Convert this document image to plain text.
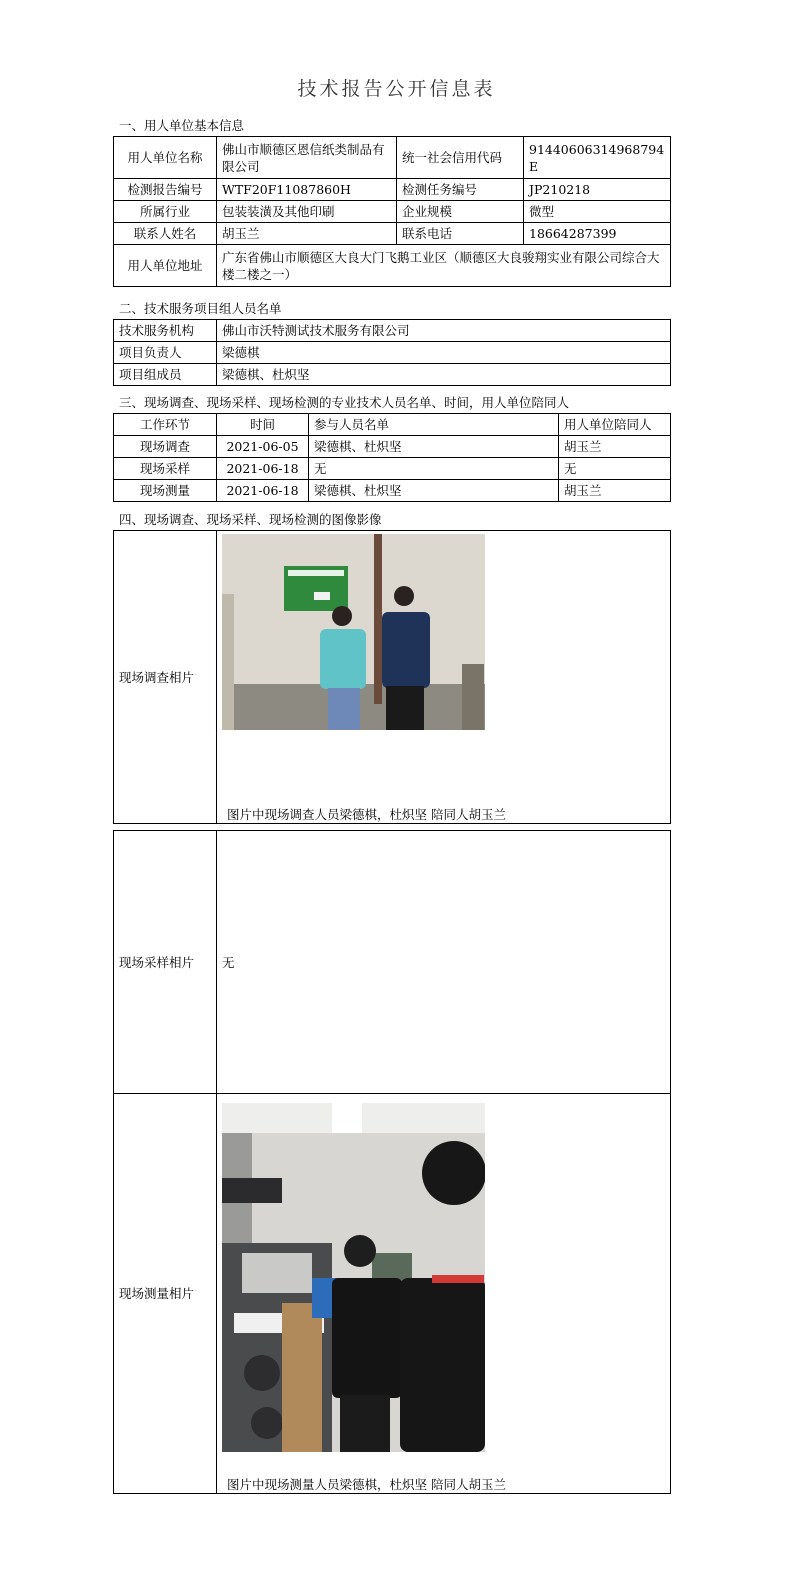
技术报告公开信息表
一、用人单位基本信息
用人单位名称	佛山市顺德区恩信纸类制品有限公司	统一社会信用代码	91440606314968794E
检测报告编号	WTF20F11087860H	检测任务编号	JP210218
所属行业	包装装潢及其他印刷	企业规模	微型
联系人姓名	胡玉兰	联系电话	18664287399
用人单位地址	广东省佛山市顺德区大良大门飞鹅工业区（顺德区大良骏翔实业有限公司综合大楼二楼之一）		
二、技术服务项目组人员名单
技术服务机构	佛山市沃特测试技术服务有限公司
项目负责人	梁德棋
项目组成员	梁德棋、杜炽坚
三、现场调查、现场采样、现场检测的专业技术人员名单、时间，用人单位陪同人
工作环节	时间	参与人员名单	用人单位陪同人
现场调查	2021-06-05	梁德棋、杜炽坚	胡玉兰
现场采样	2021-06-18	无	无
现场测量	2021-06-18	梁德棋、杜炽坚	胡玉兰
四、现场调查、现场采样、现场检测的图像影像
现场调查相片	
图片中现场调查人员梁德棋，杜炽坚 陪同人胡玉兰
现场采样相片	无
现场测量相片	
图片中现场测量人员梁德棋，杜炽坚 陪同人胡玉兰
